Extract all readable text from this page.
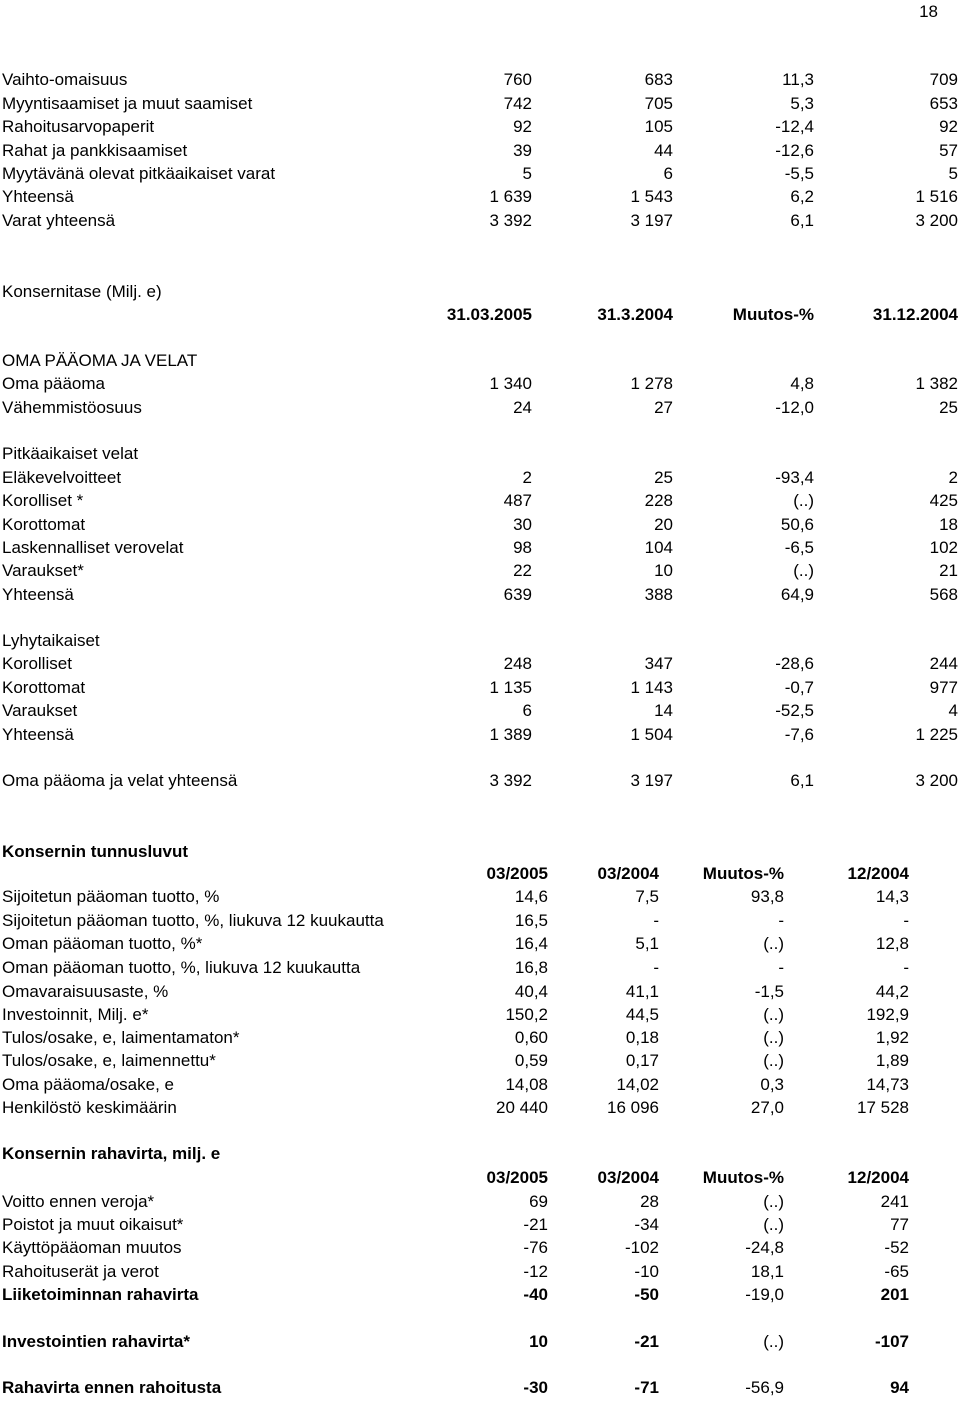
18
Vaihto-omaisuus	760	683	11,3	709
Myyntisaamiset ja muut saamiset	742	705	5,3	653
Rahoitusarvopaperit	92	105	-12,4	92
Rahat ja pankkisaamiset	39	44	-12,6	57
Myytävänä olevat pitkäaikaiset varat	5	6	-5,5	5
Yhteensä	1 639	1 543	6,2	1 516
Varat yhteensä	3 392	3 197	6,1	3 200
Konsernitase (Milj. e)
31.03.2005	31.3.2004	Muutos-%	31.12.2004
OMA PÄÄOMA JA VELAT
Oma pääoma	1 340	1 278	4,8	1 382
Vähemmistöosuus	24	27	-12,0	25
Pitkäaikaiset velat
Eläkevelvoitteet	2	25	-93,4	2
Korolliset *	487	228	(..)	425
Korottomat	30	20	50,6	18
Laskennalliset verovelat	98	104	-6,5	102
Varaukset*	22	10	(..)	21
Yhteensä	639	388	64,9	568
Lyhytaikaiset
Korolliset	248	347	-28,6	244
Korottomat	1 135	1 143	-0,7	977
Varaukset	6	14	-52,5	4
Yhteensä	1 389	1 504	-7,6	1 225
Oma pääoma ja velat yhteensä	3 392	3 197	6,1	3 200
Konsernin tunnusluvut
03/2005	03/2004	Muutos-%	12/2004
Sijoitetun pääoman tuotto, %	14,6	7,5	93,8	14,3
Sijoitetun pääoman tuotto, %, liukuva 12 kuukautta	16,5	-	-	-
Oman pääoman tuotto, %*	16,4	5,1	(..)	12,8
Oman pääoman tuotto, %, liukuva 12 kuukautta	16,8	-	-	-
Omavaraisuusaste, %	40,4	41,1	-1,5	44,2
Investoinnit, Milj. e*	150,2	44,5	(..)	192,9
Tulos/osake, e, laimentamaton*	0,60	0,18	(..)	1,92
Tulos/osake, e, laimennettu*	0,59	0,17	(..)	1,89
Oma pääoma/osake, e	14,08	14,02	0,3	14,73
Henkilöstö keskimäärin	20 440	16 096	27,0	17 528
Konsernin rahavirta, milj. e
03/2005	03/2004	Muutos-%	12/2004
Voitto ennen veroja*	69	28	(..)	241
Poistot ja muut oikaisut*	-21	-34	(..)	77
Käyttöpääoman muutos	-76	-102	-24,8	-52
Rahoituserät ja verot	-12	-10	18,1	-65
Liiketoiminnan rahavirta	-40	-50	-19,0	201
Investointien rahavirta*	10	-21	(..)	-107
Rahavirta ennen rahoitusta	-30	-71	-56,9	94
